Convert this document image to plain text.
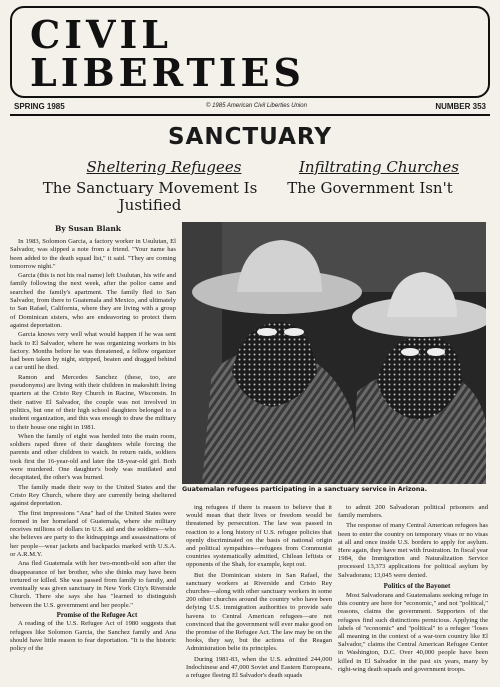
CIVIL
LIBERTIES
SPRING 1985	© 1985 American Civil Liberties Union	NUMBER 353
SANCTUARY
Sheltering Refugees	Infiltrating Churches
The Sanctuary Movement Is Justified
The Government Isn't
By Susan Blank

In 1983, Solomon Garcia, a factory worker in Usulutan, El Salvador, was slipped a note from a friend. "Your name has been added to the death squad list," it said. "They are coming tomorrow night."

Garcia (this is not his real name) left Usulutan, his wife and family following the next week, after the police came and searched the family's apartment. The family fled to San Salvador, from there to Guatemala and Mexico, and ultimately to San Rafael, California, where they are living with a group of Dominican sisters, who are endeavoring to protect them against deportation.

Garcia knows very well what would happen if he was sent back to El Salvador, where he was organizing workers in his factory. Months before he was threatened, a fellow organizer had been taken by night, stripped, beaten and dragged behind a car until he died.

Ramon and Mercedes Sanchez (these, too, are pseudonyms) are living with their children in makeshift living quarters at the Cristo Rey Church in Racine, Wisconsin. In their native El Salvador, the couple was not involved in politics, but one of their high school daughters belonged to a student organization, and this was enough to draw the military to their house one night in 1981.

When the family of eight was herded into the main room, soldiers raped three of their daughters while forcing the parents and other children to watch. In return raids, soldiers took first the 16-year-old and later the 18-year-old girl. Both were murdered. One daughter's body was mutilated and decapitated, the other's was burned.

The family made their way to the United States and the Cristo Rey Church, where they are currently being sheltered against deportation.

The first impressions "Ana" had of the United States were formed in her homeland of Guatemala, where she military receives millions of dollars in U.S. aid and the soldiers—who she believes are party to the kidnappings and assassinations of her people—wear jackets and backpacks marked with U.S.A. or A.R.M.Y.

Ana fled Guatemala with her two-month-old son after the disappearance of her brother, who she thinks may have been tortured or killed. She was passed from family to family, and eventually was given sanctuary in New York City's Riverside Church. There she says she has "learned to distinguish between the U.S. government and her people."

Promise of the Refugee Act

A reading of the U.S. Refugee Act of 1980 suggests that refugees like Solomon Garcia, the Sanchez family and Ana should have little reason to fear deportation. "It is the historic policy of the

Guatemalan refugees participating in a sanctuary service in Arizona.

ing refugees if there is reason to believe that it would mean that their lives or freedom would be threatened by persecution. The law was passed in reaction to a long history of U.S. refugee policies that openly discriminated on the basis of national origin and political sympathies—refugees from Communist countries systematically admitted, Chilean leftists or opponents of the Shah, for example, kept out.

But the Dominican sisters in San Rafael, the sanctuary workers at Riverside and Cristo Rey churches—along with other sanctuary workers in some 200 other churches around the country who have been defying U.S. immigration authorities to provide safe havens to Central American refugees—are not convinced that the government will ever make good on the promise of the Refugee Act. The law may be on the books, they say, but the actions of the Reagan Administration belie its principles.

During 1981-83, when the U.S. admitted 244,000 Indochinese and 47,000 Soviet and Eastern Europeans, a refugee fleeing El Salvador's death squads

to admit 200 Salvadoran political prisoners and family members.

The response of many Central American refugees has been to enter the country on temporary visas or no visas at all and once inside U.S. borders to apply for asylum. Here again, they have met with frustration. In fiscal year 1984, the Immigration and Naturalization Service processed 13,373 applications for political asylum by Salvadorans; 13,045 were denied.

Politics of the Bayonet

Most Salvadorans and Guatemalans seeking refuge in this country are here for "economic," and not "political," reasons, claims the government. Supporters of the refugees find such distinctions pernicious. Applying the labels of "economic" and "political" to a refugee "loses all meaning in the context of a war-torn country like El Salvador," claims the Central American Refugee Center in Washington, D.C. Over 40,000 people have been killed in El Salvador in the past six years, many by right-wing death squads and government troops.
